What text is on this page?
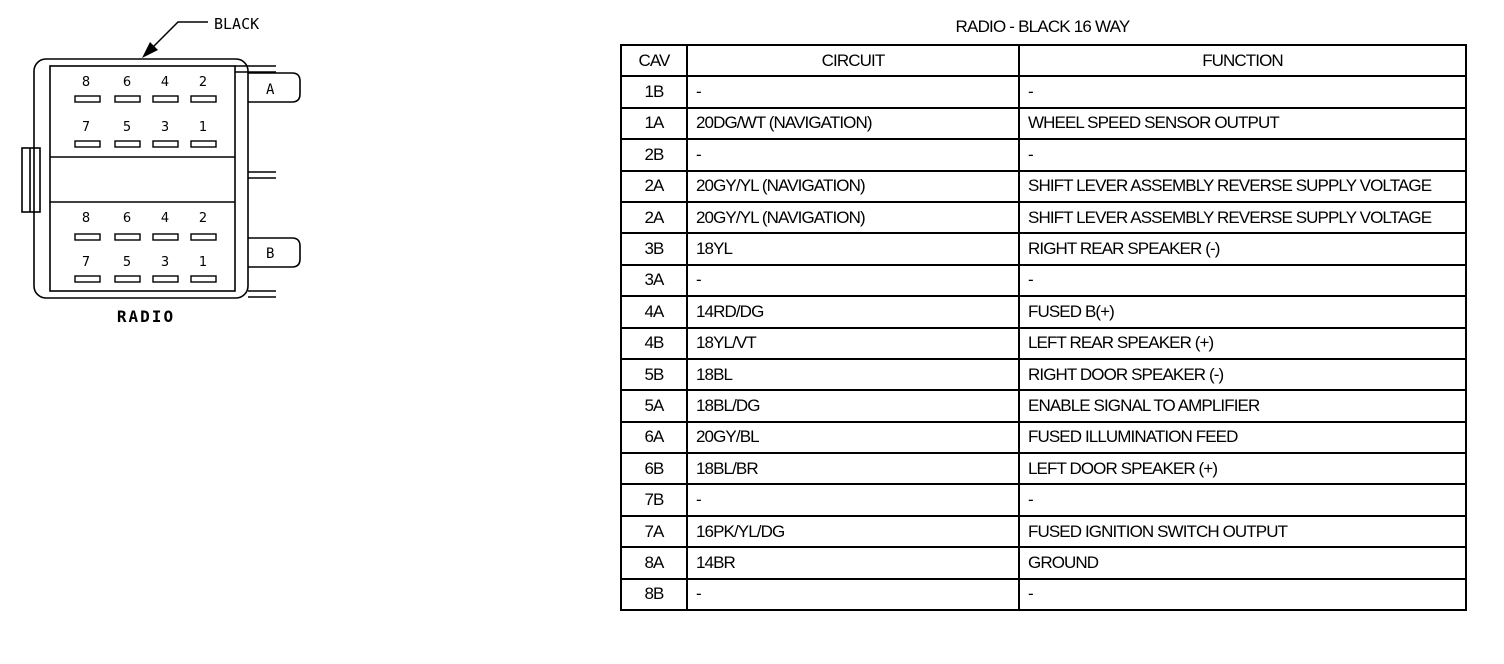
BLACK
A
B
8	6 4 2
7	5 3 1
8	6 4 2
7	5 3 1
RADIO
RADIO - BLACK 16 WAY
CAV	CIRCUIT	FUNCTION
1B	-	-
1A	20DG/WT (NAVIGATION)	WHEEL SPEED SENSOR OUTPUT
2B	-	-
2A	20GY/YL (NAVIGATION)	SHIFT LEVER ASSEMBLY REVERSE SUPPLY VOLTAGE
2A	20GY/YL (NAVIGATION)	SHIFT LEVER ASSEMBLY REVERSE SUPPLY VOLTAGE
3B	18YL	RIGHT REAR SPEAKER (-)
3A	-	-
4A	14RD/DG	FUSED B(+)
4B	18YL/VT	LEFT REAR SPEAKER (+)
5B	18BL	RIGHT DOOR SPEAKER (-)
5A	18BL/DG	ENABLE SIGNAL TO AMPLIFIER
6A	20GY/BL	FUSED ILLUMINATION FEED
6B	18BL/BR	LEFT DOOR SPEAKER (+)
7B	-	-
7A	16PK/YL/DG	FUSED IGNITION SWITCH OUTPUT
8A	14BR	GROUND
8B	-	-
